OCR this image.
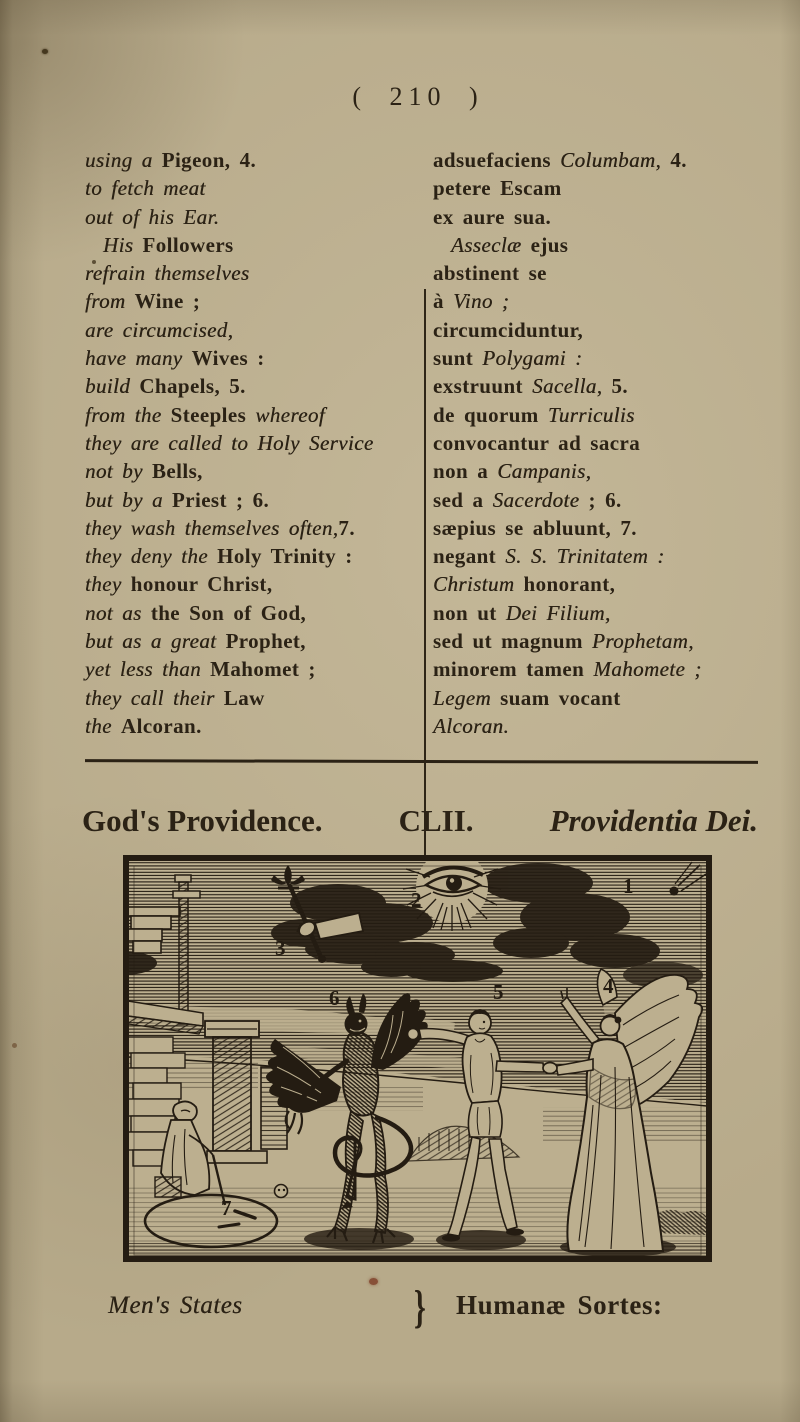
( 210 )
using a Pigeon, 4.
to fetch meat
out of his Ear.
His Followers
refrain themselves
from Wine ;
are circumcised,
have many Wives :
build Chapels, 5.
from the Steeples whereof
they are called to Holy Service
not by Bells,
but by a Priest ; 6.
they wash themselves often,7.
they deny the Holy Trinity :
they honour Christ,
not as the Son of God,
but as a great Prophet,
yet less than Mahomet ;
they call their Law
the Alcoran.
adsuefaciens Columbam, 4.
petere Escam
ex aure sua.
Asseclæ ejus
abstinent se
à Vino ;
circumciduntur,
sunt Polygami :
exstruunt Sacella, 5.
de quorum Turriculis
convocantur ad sacra
non a Campanis,
sed a Sacerdote ; 6.
sæpius se abluunt, 7.
negant S. S. Trinitatem :
Christum honorant,
non ut Dei Filium,
sed ut magnum Prophetam,
minorem tamen Mahomete ;
Legem suam vocant
Alcoran.
God's Providence. CLII. Providentia Dei.
1
2
3
4
5
6
7
Men's States	} Humanæ Sortes:
